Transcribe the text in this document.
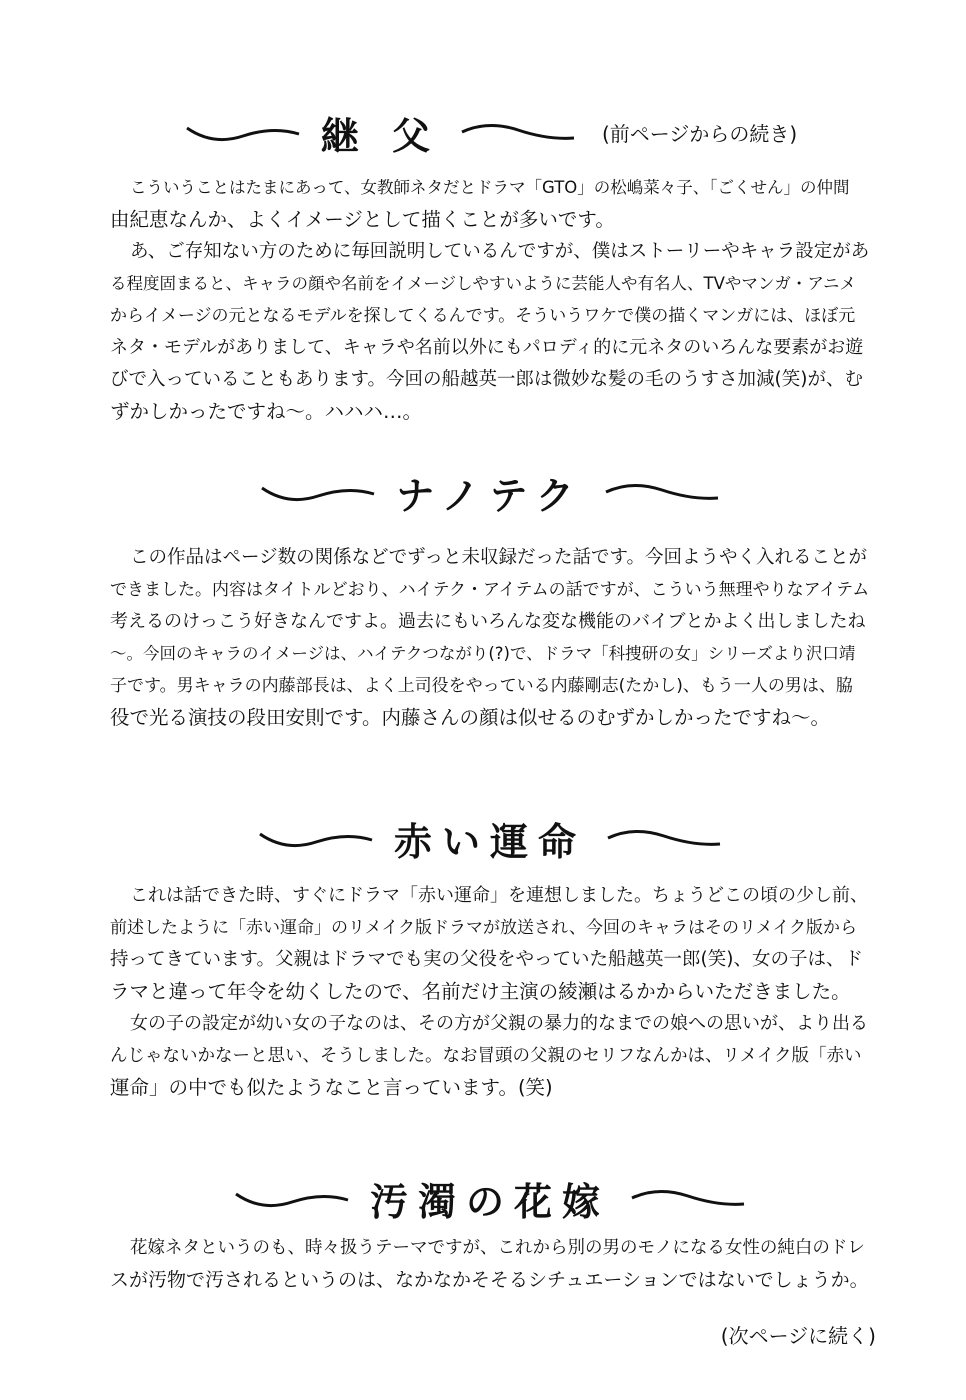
継 父	(前ページからの続き)

こういうことはたまにあって、女教師ネタだとドラマ「GTO」の松嶋菜々子、「ごくせん」の仲間

由紀恵なんか、よくイメージとして描くことが多いです。

あ、ご存知ない方のために毎回説明しているんですが、僕はストーリーやキャラ設定があ

る程度固まると、キャラの顔や名前をイメージしやすいように芸能人や有名人、TVやマンガ・アニメ

からイメージの元となるモデルを探してくるんです。そういうワケで僕の描くマンガには、ほぼ元

ネタ・モデルがありまして、キャラや名前以外にもパロディ的に元ネタのいろんな要素がお遊

びで入っていることもあります。今回の船越英一郎は微妙な髪の毛のうすさ加減(笑)が、む

ずかしかったですね〜。ハハハ…。

ナノテク

この作品はページ数の関係などでずっと未収録だった話です。今回ようやく入れることが

できました。内容はタイトルどおり、ハイテク・アイテムの話ですが、こういう無理やりなアイテム

考えるのけっこう好きなんですよ。過去にもいろんな変な機能のバイブとかよく出しましたね

〜。今回のキャラのイメージは、ハイテクつながり(?)で、ドラマ「科捜研の女」シリーズより沢口靖

子です。男キャラの内藤部長は、よく上司役をやっている内藤剛志(たかし)、もう一人の男は、脇

役で光る演技の段田安則です。内藤さんの顔は似せるのむずかしかったですね〜。

赤い運命

これは話できた時、すぐにドラマ「赤い運命」を連想しました。ちょうどこの頃の少し前、

前述したように「赤い運命」のリメイク版ドラマが放送され、今回のキャラはそのリメイク版から

持ってきています。父親はドラマでも実の父役をやっていた船越英一郎(笑)、女の子は、ド

ラマと違って年令を幼くしたので、名前だけ主演の綾瀬はるかからいただきました。

女の子の設定が幼い女の子なのは、その方が父親の暴力的なまでの娘への思いが、より出る

んじゃないかなーと思い、そうしました。なお冒頭の父親のセリフなんかは、リメイク版「赤い

運命」の中でも似たようなこと言っています。(笑)

汚濁の花嫁

花嫁ネタというのも、時々扱うテーマですが、これから別の男のモノになる女性の純白のドレ

スが汚物で汚されるというのは、なかなかそそるシチュエーションではないでしょうか。

(次ページに続く)
